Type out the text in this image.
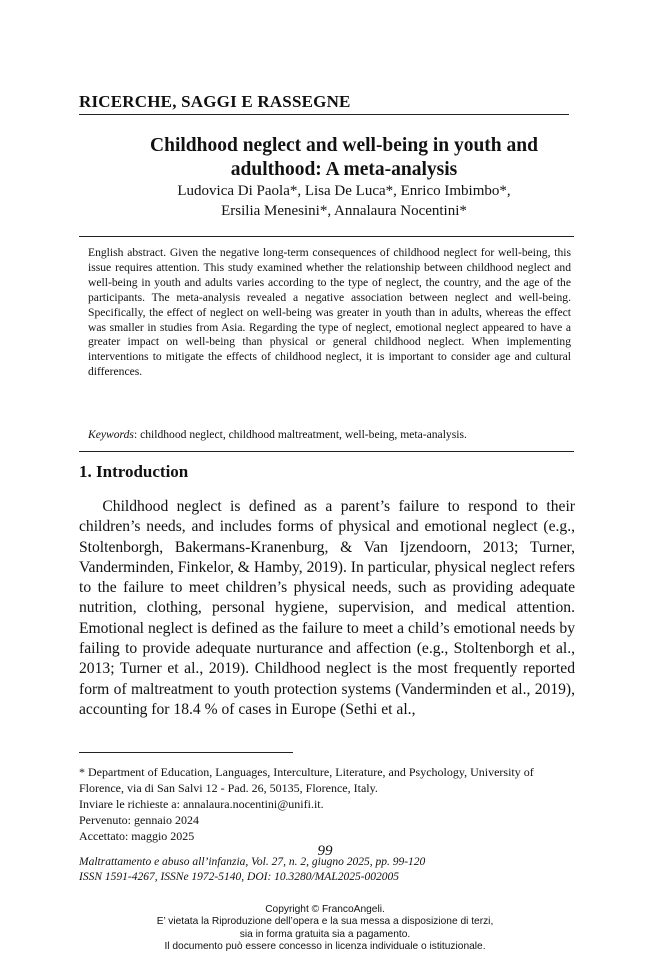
RICERCHE, SAGGI E RASSEGNE
Childhood neglect and well-being in youth and
adulthood: A meta-analysis
Ludovica Di Paola*, Lisa De Luca*, Enrico Imbimbo*,
Ersilia Menesini*, Annalaura Nocentini*
English abstract. Given the negative long-term consequences of childhood neglect for well-being, this issue requires attention. This study examined whether the relationship between childhood neglect and well-being in youth and adults varies according to the type of neglect, the country, and the age of the participants. The meta-analysis revealed a negative association between neglect and well-being. Specifically, the effect of neglect on well-being was greater in youth than in adults, whereas the effect was smaller in studies from Asia. Regarding the type of neglect, emotional neglect appeared to have a greater impact on well-being than physical or general childhood neglect. When implementing interventions to mitigate the effects of childhood neglect, it is important to consider age and cultural differences.
Keywords: childhood neglect, childhood maltreatment, well-being, meta-analysis.
1. Introduction
  Childhood neglect is defined as a parent’s failure to respond to their children’s needs, and includes forms of physical and emotional neglect (e.g., Stoltenborgh, Bakermans-Kranenburg, & Van Ijzendoorn, 2013; Turner, Vanderminden, Finkelor, & Hamby, 2019). In particular, physical neglect refers to the failure to meet children’s physical needs, such as providing adequate nutrition, clothing, personal hygiene, supervision, and medical attention. Emotional neglect is defined as the failure to meet a child’s emotional needs by failing to provide adequate nurturance and affection (e.g., Stoltenborgh et al., 2013; Turner et al., 2019). Childhood neglect is the most frequently reported form of maltreatment to youth protection systems (Vanderminden et al., 2019), accounting for 18.4 % of cases in Europe (Sethi et al.,
* Department of Education, Languages, Interculture, Literature, and Psychology, University of Florence, via di San Salvi 12 - Pad. 26, 50135, Florence, Italy.
Inviare le richieste a: annalaura.nocentini@unifi.it.
Pervenuto: gennaio 2024
Accettato: maggio 2025
99
Maltrattamento e abuso all’infanzia, Vol. 27, n. 2, giugno 2025, pp. 99-120
ISSN 1591-4267, ISSNe 1972-5140, DOI: 10.3280/MAL2025-002005
Copyright © FrancoAngeli.
E’ vietata la Riproduzione dell’opera e la sua messa a disposizione di terzi,
sia in forma gratuita sia a pagamento.
Il documento può essere concesso in licenza individuale o istituzionale.
